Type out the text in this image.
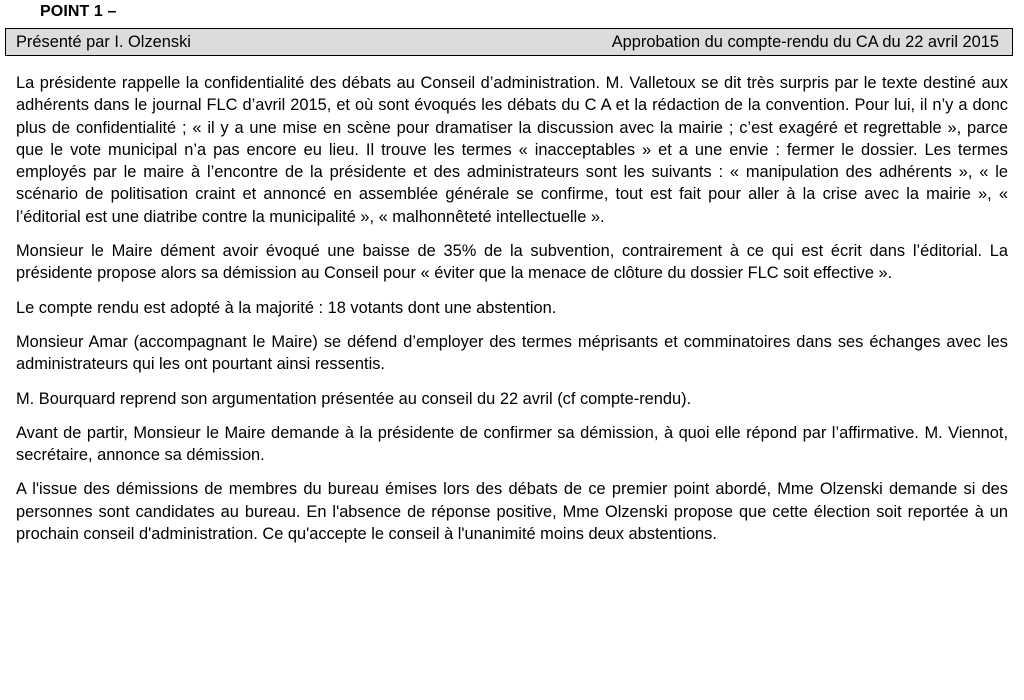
POINT 1 –
Présenté par I. Olzenski	Approbation du compte-rendu du CA du 22 avril 2015

La présidente rappelle la confidentialité des débats au Conseil d’administration. M. Valletoux se dit très surpris par le texte destiné aux adhérents dans le journal FLC d’avril 2015, et où sont évoqués les débats du C A et la rédaction de la convention. Pour lui, il n’y a donc plus de confidentialité ; « il y a une mise en scène pour dramatiser la discussion avec la mairie ; c’est exagéré et regrettable », parce que le vote municipal n’a pas encore eu lieu. Il trouve les termes « inacceptables » et a une envie : fermer le dossier. Les termes employés par le maire à l’encontre de la présidente et des administrateurs sont les suivants : « manipulation des adhérents », « le scénario de politisation craint et annoncé en assemblée générale se confirme, tout est fait pour aller à la crise avec la mairie », « l’éditorial est une diatribe contre la municipalité », « malhonnêteté intellectuelle ».

Monsieur le Maire dément avoir évoqué une baisse de 35% de la subvention, contrairement à ce qui est écrit dans l’éditorial. La présidente propose alors sa démission au Conseil pour « éviter que la menace de clôture du dossier FLC soit effective ».

Le compte rendu est adopté à la majorité : 18 votants dont une abstention.

Monsieur Amar (accompagnant le Maire) se défend d’employer des termes méprisants et comminatoires dans ses échanges avec les administrateurs qui les ont pourtant ainsi ressentis.

M. Bourquard reprend son argumentation présentée au conseil du 22 avril (cf compte-rendu).

Avant de partir, Monsieur le Maire demande à la présidente de confirmer sa démission, à quoi elle répond par l’affirmative. M. Viennot, secrétaire, annonce sa démission.

A l'issue des démissions de membres du bureau émises lors des débats de ce premier point abordé, Mme Olzenski demande si des personnes sont candidates au bureau. En l'absence de réponse positive, Mme Olzenski propose que cette élection soit reportée à un prochain conseil d'administration. Ce qu'accepte le conseil à l'unanimité moins deux abstentions.
